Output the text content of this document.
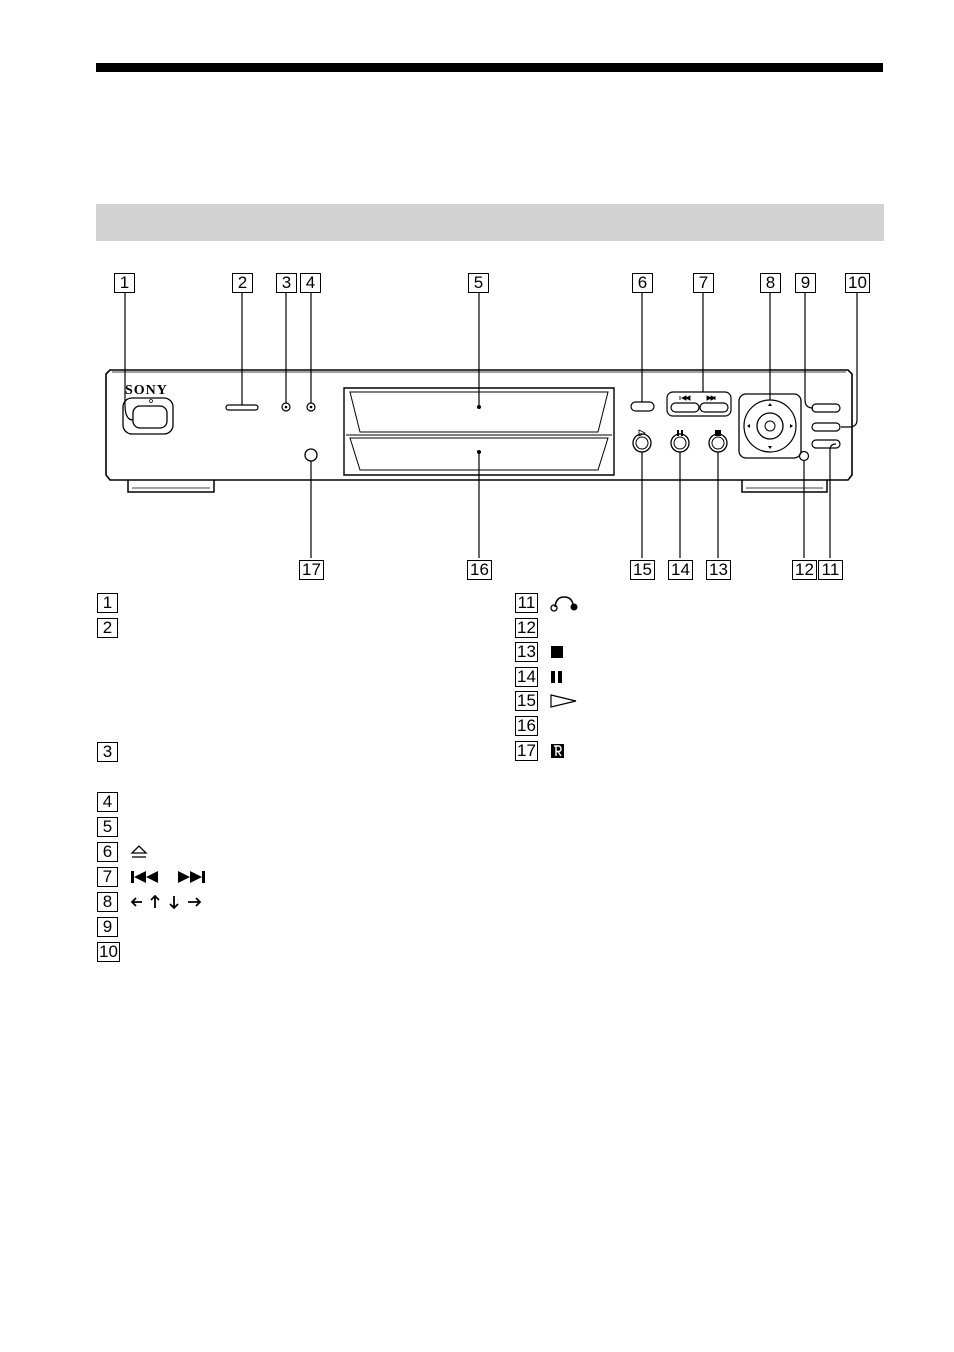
SONY
1	2	3 4	5	6	7	8	9	10
17	16	15 14 13	12 11
1
2
3
4
5
6
7
8
9
10
11
12
13
14
15
16
17
